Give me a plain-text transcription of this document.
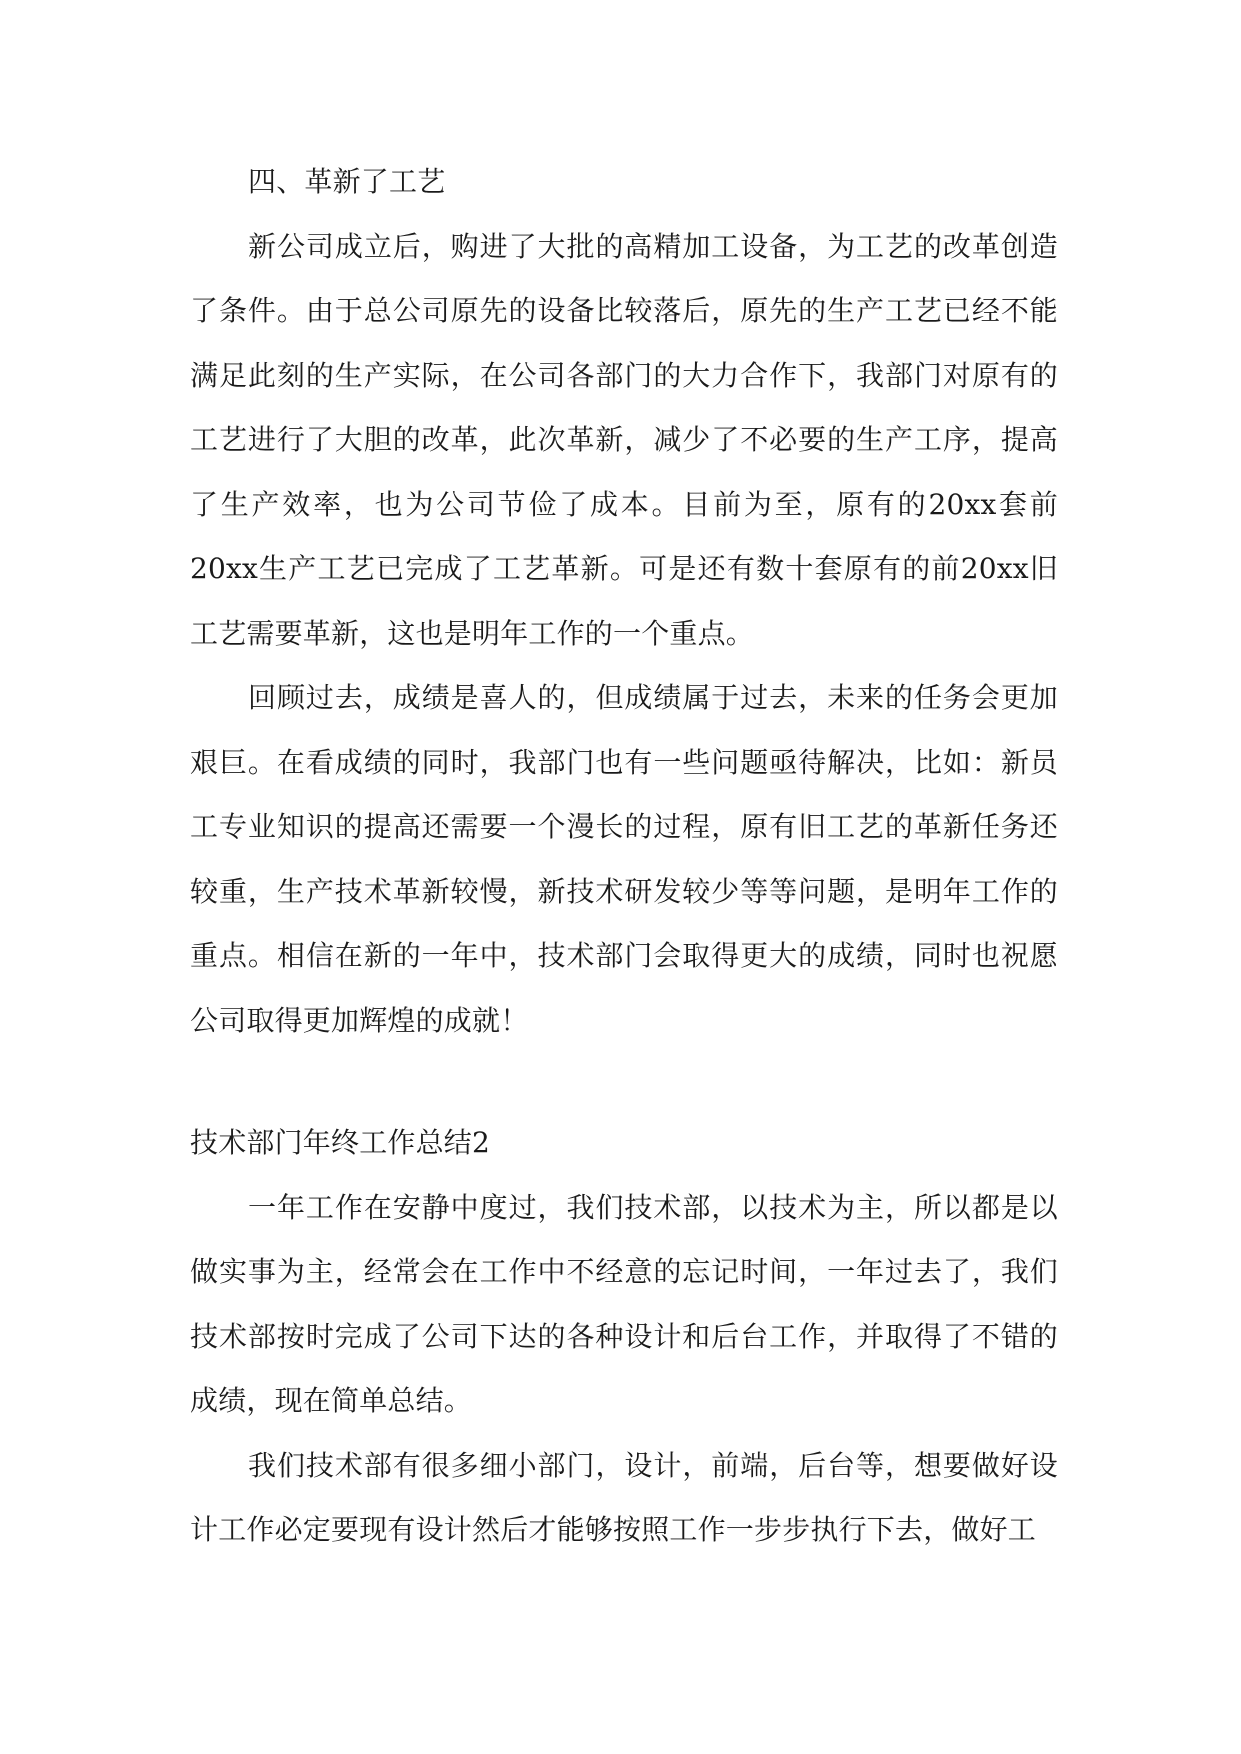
四、革新了工艺

新公司成立后，购进了大批的高精加工设备，为工艺的改革创造了条件。由于总公司原先的设备比较落后，原先的生产工艺已经不能满足此刻的生产实际，在公司各部门的大力合作下，我部门对原有的工艺进行了大胆的改革，此次革新，减少了不必要的生产工序，提高了生产效率，也为公司节俭了成本。目前为至，原有的20xx套前20xx生产工艺已完成了工艺革新。可是还有数十套原有的前20xx旧工艺需要革新，这也是明年工作的一个重点。

回顾过去，成绩是喜人的，但成绩属于过去，未来的任务会更加艰巨。在看成绩的同时，我部门也有一些问题亟待解决，比如：新员工专业知识的提高还需要一个漫长的过程，原有旧工艺的革新任务还较重，生产技术革新较慢，新技术研发较少等等问题，是明年工作的重点。相信在新的一年中，技术部门会取得更大的成绩，同时也祝愿公司取得更加辉煌的成就！

技术部门年终工作总结2

一年工作在安静中度过，我们技术部，以技术为主，所以都是以做实事为主，经常会在工作中不经意的忘记时间，一年过去了，我们技术部按时完成了公司下达的各种设计和后台工作，并取得了不错的成绩，现在简单总结。

我们技术部有很多细小部门，设计，前端，后台等，想要做好设计工作必定要现有设计然后才能够按照工作一步步执行下去，做好工
